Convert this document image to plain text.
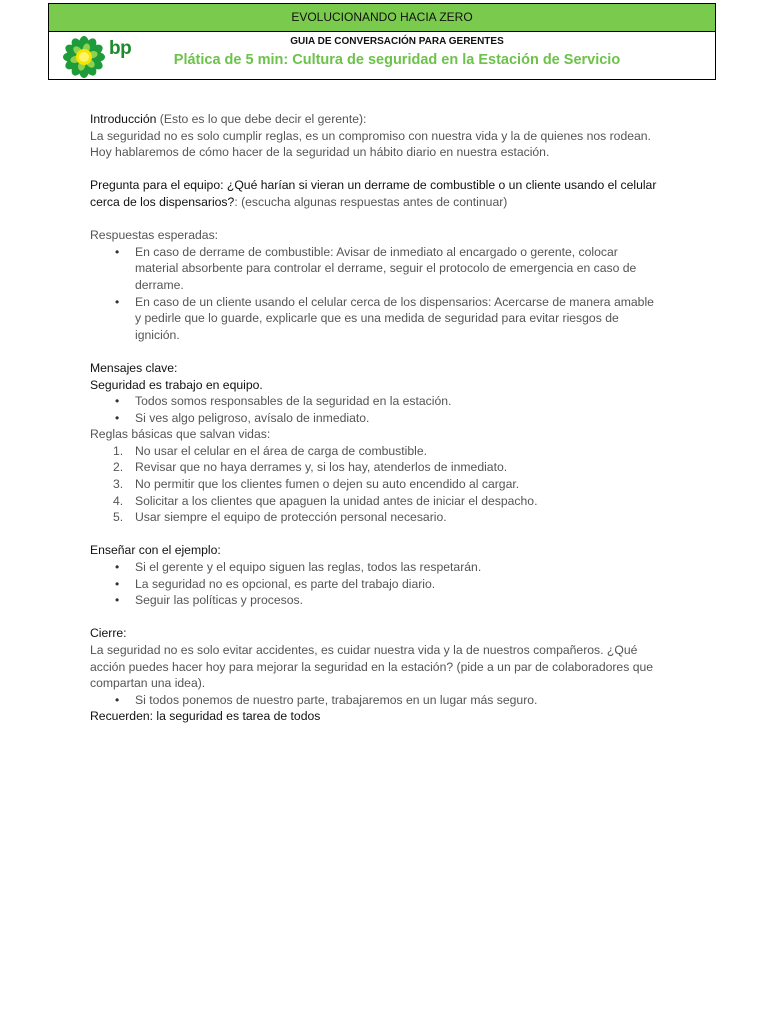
EVOLUCIONANDO HACIA ZERO
bp	GUIA DE CONVERSACIÓN PARA GERENTES
Plática de 5 min: Cultura de seguridad en la Estación de Servicio

Introducción (Esto es lo que debe decir el gerente):

La seguridad no es solo cumplir reglas, es un compromiso con nuestra vida y la de quienes nos rodean. Hoy hablaremos de cómo hacer de la seguridad un hábito diario en nuestra estación.

Pregunta para el equipo: ¿Qué harían si vieran un derrame de combustible o un cliente usando el celular cerca de los dispensarios?: (escucha algunas respuestas antes de continuar)

Respuestas esperadas:

• En caso de derrame de combustible: Avisar de inmediato al encargado o gerente, colocar material absorbente para controlar el derrame, seguir el protocolo de emergencia en caso de derrame.
• En caso de un cliente usando el celular cerca de los dispensarios: Acercarse de manera amable y pedirle que lo guarde, explicarle que es una medida de seguridad para evitar riesgos de ignición.

Mensajes clave:

Seguridad es trabajo en equipo.

• Todos somos responsables de la seguridad en la estación.
• Si ves algo peligroso, avísalo de inmediato.

Reglas básicas que salvan vidas:

1. No usar el celular en el área de carga de combustible.
2. Revisar que no haya derrames y, si los hay, atenderlos de inmediato.
3. No permitir que los clientes fumen o dejen su auto encendido al cargar.
4. Solicitar a los clientes que apaguen la unidad antes de iniciar el despacho.
5. Usar siempre el equipo de protección personal necesario.

Enseñar con el ejemplo:

• Si el gerente y el equipo siguen las reglas, todos las respetarán.
• La seguridad no es opcional, es parte del trabajo diario.
• Seguir las políticas y procesos.

Cierre:

La seguridad no es solo evitar accidentes, es cuidar nuestra vida y la de nuestros compañeros. ¿Qué acción puedes hacer hoy para mejorar la seguridad en la estación? (pide a un par de colaboradores que compartan una idea).

• Si todos ponemos de nuestro parte, trabajaremos en un lugar más seguro.

Recuerden: la seguridad es tarea de todos
